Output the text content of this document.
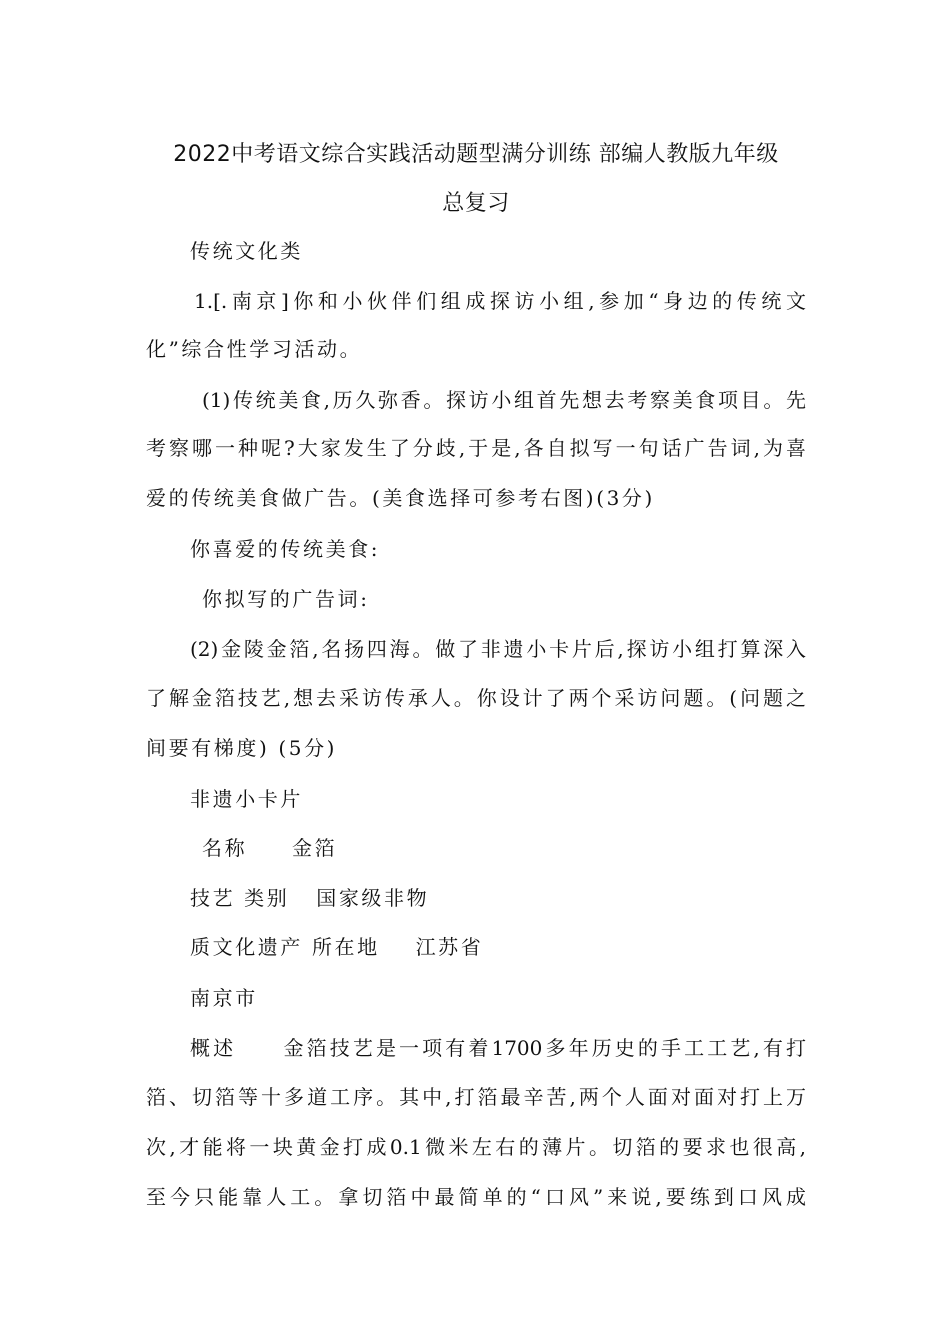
2022中考语文综合实践活动题型满分训练 部编人教版九年级
总复习
传统文化类
1.[.南京]你和小伙伴们组成探访小组,参加“身边的传统文
化”综合性学习活动。
(1)传统美食,历久弥香。探访小组首先想去考察美食项目。先
考察哪一种呢?大家发生了分歧,于是,各自拟写一句话广告词,为喜
爱的传统美食做广告。(美食选择可参考右图)(3分)
你喜爱的传统美食:
你拟写的广告词:
(2)金陵金箔,名扬四海。做了非遗小卡片后,探访小组打算深入
了解金箔技艺,想去采访传承人。你设计了两个采访问题。(问题之
间要有梯度) (5分)
非遗小卡片
名称     金箔
技艺 类别   国家级非物
质文化遗产 所在地    江苏省
南京市
概述     金箔技艺是一项有着1700多年历史的手工工艺,有打
箔、切箔等十多道工序。其中,打箔最辛苦,两个人面对面对打上万
次,才能将一块黄金打成0.1微米左右的薄片。切箔的要求也很高,
至今只能靠人工。拿切箔中最简单的“口风”来说,要练到口风成
